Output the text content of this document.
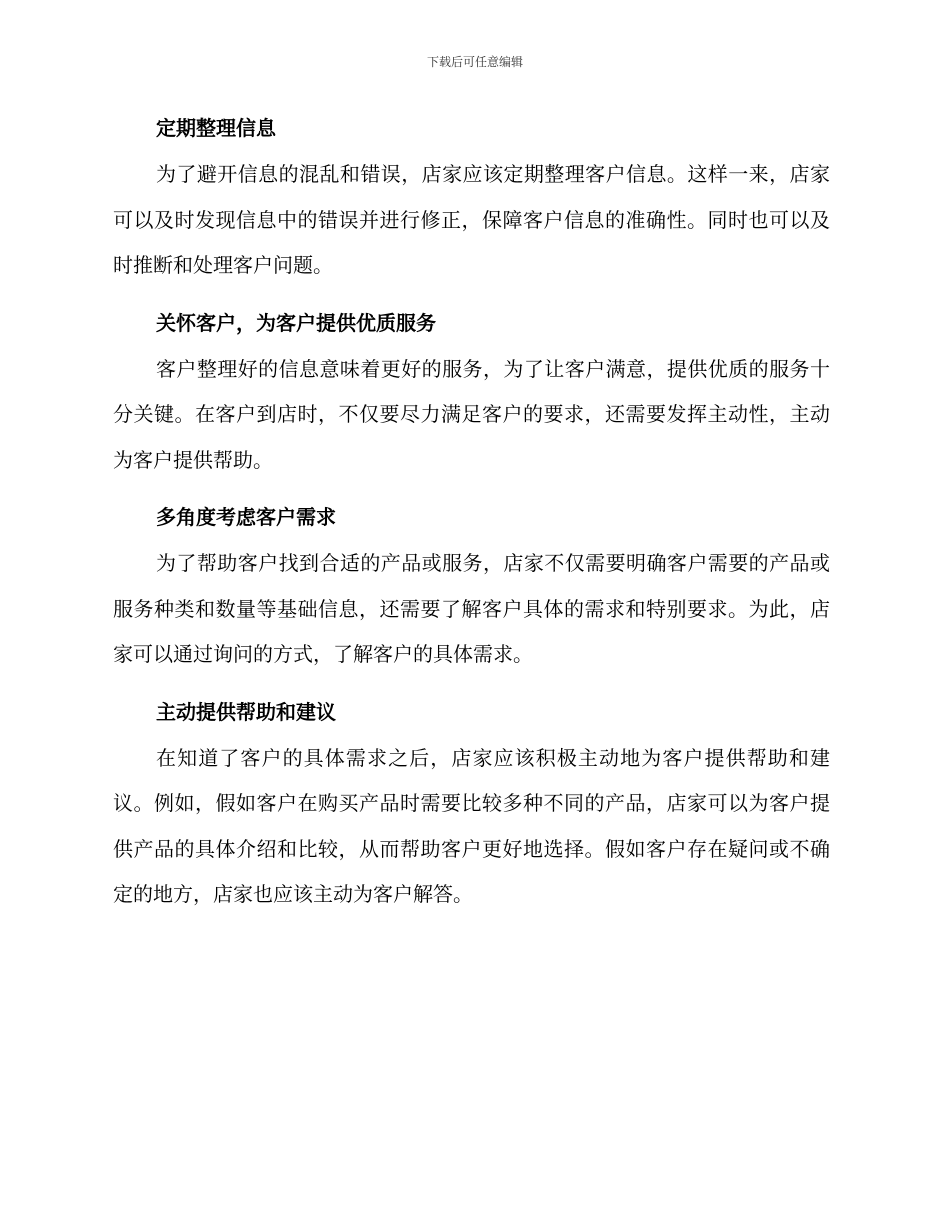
下载后可任意编辑
定期整理信息

为了避开信息的混乱和错误，店家应该定期整理客户信息。这样一来，店家可以及时发现信息中的错误并进行修正，保障客户信息的准确性。同时也可以及时推断和处理客户问题。

关怀客户，为客户提供优质服务

客户整理好的信息意味着更好的服务，为了让客户满意，提供优质的服务十分关键。在客户到店时，不仅要尽力满足客户的要求，还需要发挥主动性，主动为客户提供帮助。

多角度考虑客户需求

为了帮助客户找到合适的产品或服务，店家不仅需要明确客户需要的产品或服务种类和数量等基础信息，还需要了解客户具体的需求和特别要求。为此，店家可以通过询问的方式，了解客户的具体需求。

主动提供帮助和建议

在知道了客户的具体需求之后，店家应该积极主动地为客户提供帮助和建议。例如，假如客户在购买产品时需要比较多种不同的产品，店家可以为客户提供产品的具体介绍和比较，从而帮助客户更好地选择。假如客户存在疑问或不确定的地方，店家也应该主动为客户解答。
